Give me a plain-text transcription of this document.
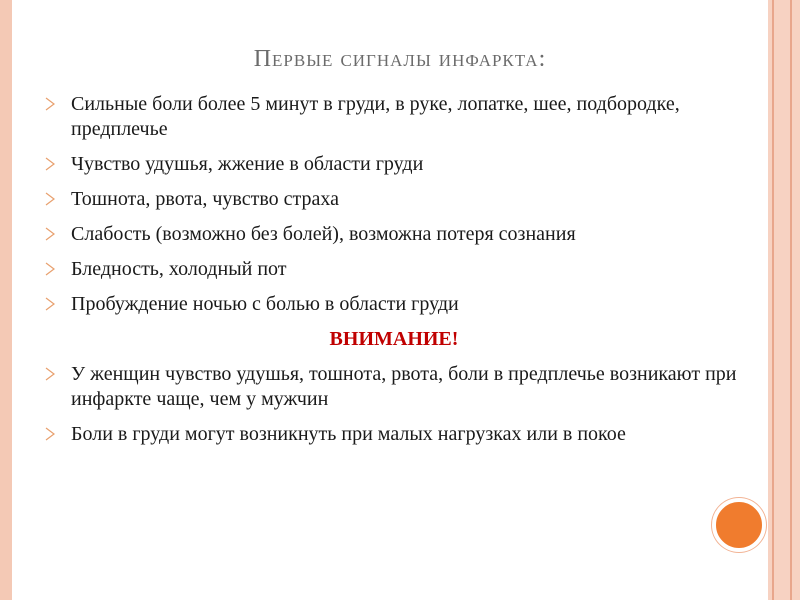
Первые сигналы инфаркта:
Сильные боли более 5 минут в груди, в руке, лопатке, шее, подбородке, предплечье
Чувство удушья, жжение в области груди
Тошнота, рвота, чувство страха
Слабость (возможно без болей), возможна потеря сознания
Бледность, холодный пот
Пробуждение ночью с болью в области груди
ВНИМАНИЕ!
У женщин чувство удушья, тошнота, рвота, боли в предплечье возникают при инфаркте чаще, чем у мужчин
Боли в груди могут возникнуть при малых нагрузках или в покое
